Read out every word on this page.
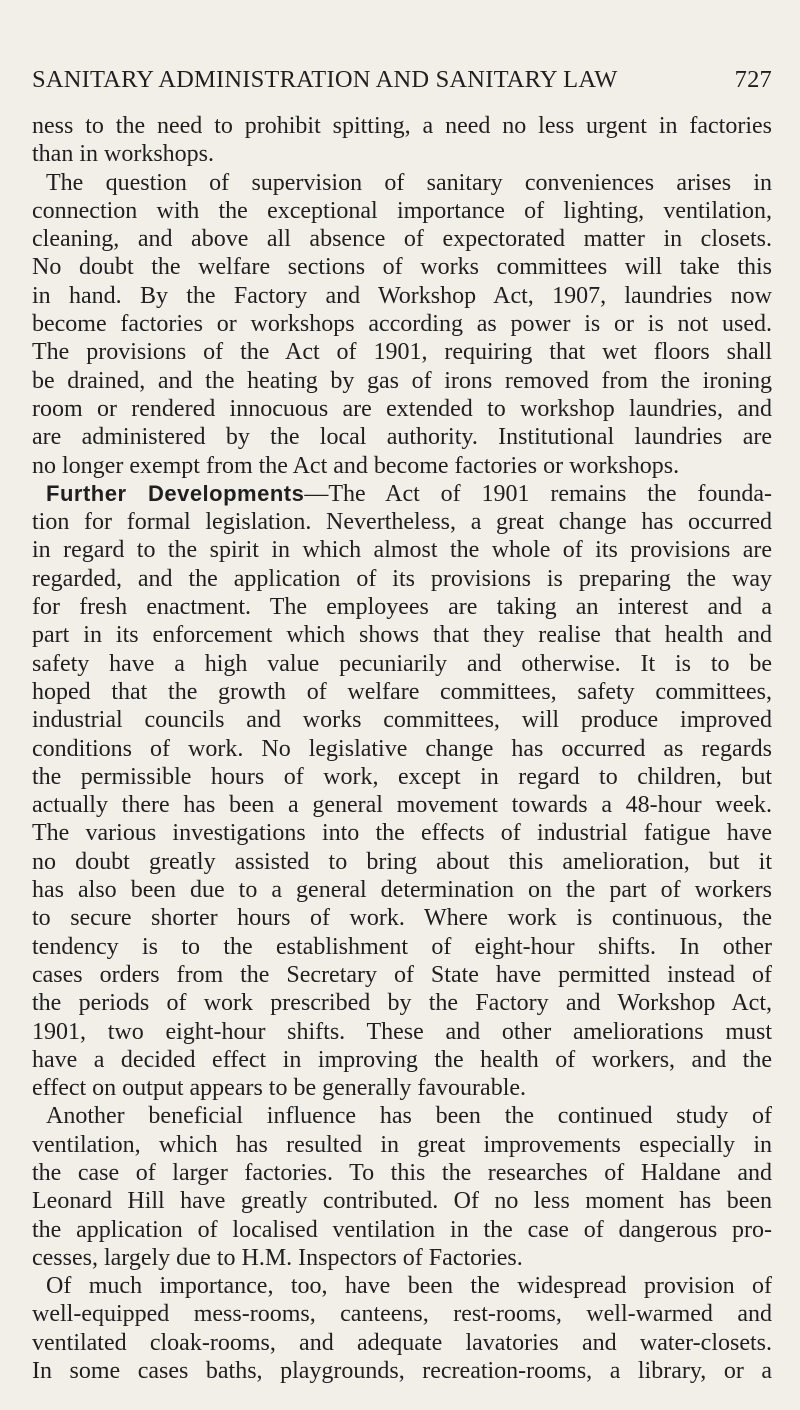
SANITARY ADMINISTRATION AND SANITARY LAW	727
ness to the need to prohibit spitting, a need no less urgent in factories
than in workshops.
The question of supervision of sanitary conveniences arises in
connection with the exceptional importance of lighting, ventilation,
cleaning, and above all absence of expectorated matter in closets.
No doubt the welfare sections of works committees will take this
in hand. By the Factory and Workshop Act, 1907, laundries now
become factories or workshops according as power is or is not used.
The provisions of the Act of 1901, requiring that wet floors shall
be drained, and the heating by gas of irons removed from the ironing
room or rendered innocuous are extended to workshop laundries, and
are administered by the local authority. Institutional laundries are
no longer exempt from the Act and become factories or workshops.
Further Developments—The Act of 1901 remains the founda-
tion for formal legislation. Nevertheless, a great change has occurred
in regard to the spirit in which almost the whole of its provisions are
regarded, and the application of its provisions is preparing the way
for fresh enactment. The employees are taking an interest and a
part in its enforcement which shows that they realise that health and
safety have a high value pecuniarily and otherwise. It is to be
hoped that the growth of welfare committees, safety committees,
industrial councils and works committees, will produce improved
conditions of work. No legislative change has occurred as regards
the permissible hours of work, except in regard to children, but
actually there has been a general movement towards a 48-hour week.
The various investigations into the effects of industrial fatigue have
no doubt greatly assisted to bring about this amelioration, but it
has also been due to a general determination on the part of workers
to secure shorter hours of work. Where work is continuous, the
tendency is to the establishment of eight-hour shifts. In other
cases orders from the Secretary of State have permitted instead of
the periods of work prescribed by the Factory and Workshop Act,
1901, two eight-hour shifts. These and other ameliorations must
have a decided effect in improving the health of workers, and the
effect on output appears to be generally favourable.
Another beneficial influence has been the continued study of
ventilation, which has resulted in great improvements especially in
the case of larger factories. To this the researches of Haldane and
Leonard Hill have greatly contributed. Of no less moment has been
the application of localised ventilation in the case of dangerous pro-
cesses, largely due to H.M. Inspectors of Factories.
Of much importance, too, have been the widespread provision of
well-equipped mess-rooms, canteens, rest-rooms, well-warmed and
ventilated cloak-rooms, and adequate lavatories and water-closets.
In some cases baths, playgrounds, recreation-rooms, a library, or a
